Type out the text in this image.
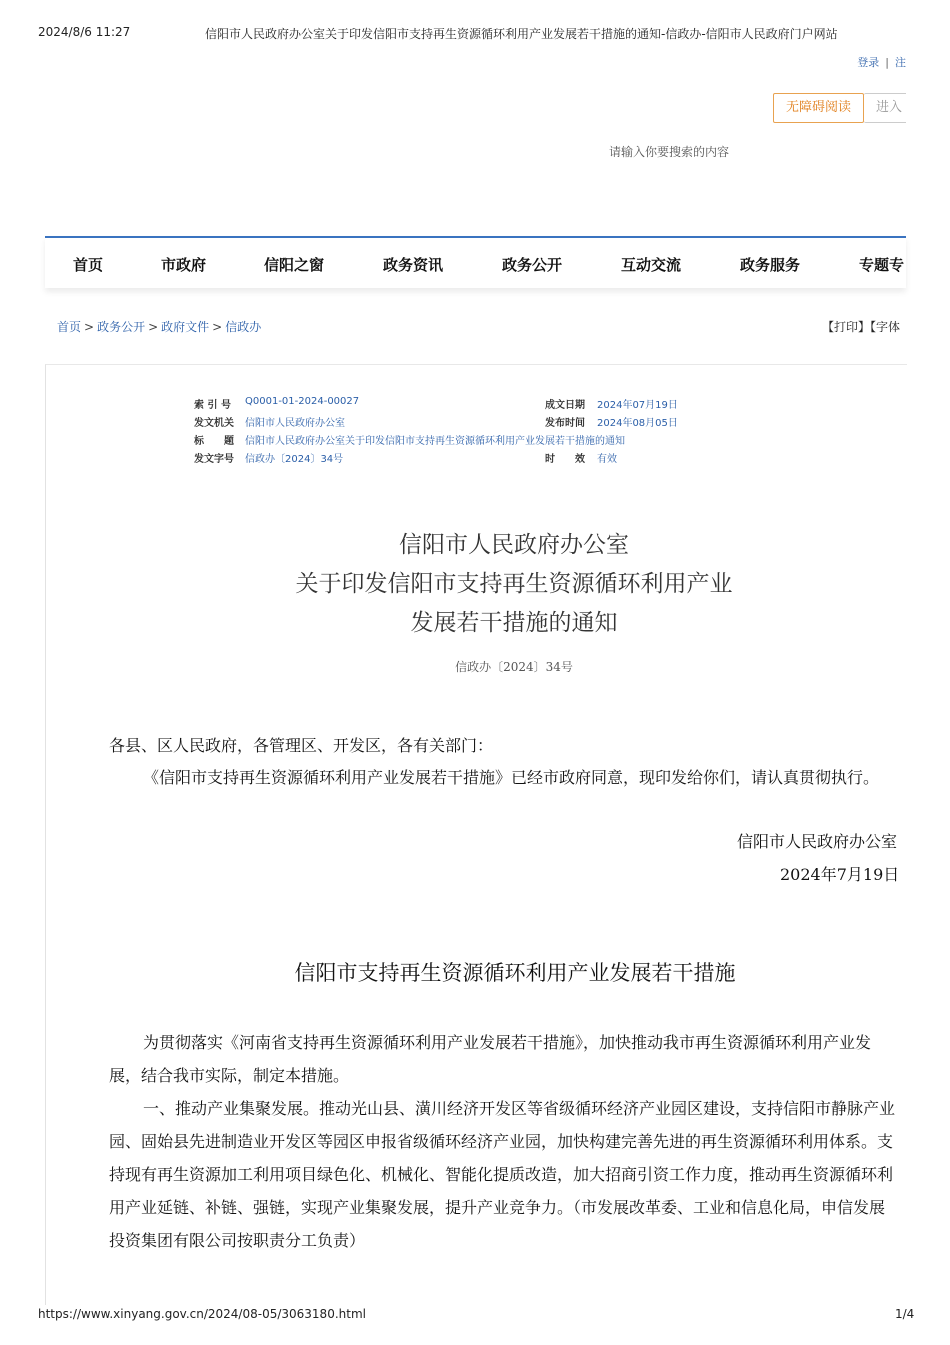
2024/8/6 11:27	信阳市人民政府办公室关于印发信阳市支持再生资源循环利用产业发展若干措施的通知-信政办-信阳市人民政府门户网站
登录 | 注
无障碍阅读	进入
请输入你要搜索的内容
首页	市政府	信阳之窗	政务资讯	政务公开	互动交流	政务服务	专题专
首页 > 政务公开 > 政府文件 > 信政办	【打印】【字体
索 引 号 Q0001-01-2024-00027
发文机关 信阳市人民政府办公室
标　　题 信阳市人民政府办公室关于印发信阳市支持再生资源循环利用产业发展若干措施的通知
发文字号 信政办〔2024〕34号
成文日期 2024年07月19日
发布时间 2024年08月05日
时　　效 有效
信阳市人民政府办公室
关于印发信阳市支持再生资源循环利用产业
发展若干措施的通知
信政办〔2024〕34号
各县、区人民政府，各管理区、开发区，各有关部门：
《信阳市支持再生资源循环利用产业发展若干措施》已经市政府同意，现印发给你们，请认真贯彻执行。
信阳市人民政府办公室
2024年7月19日
信阳市支持再生资源循环利用产业发展若干措施
为贯彻落实《河南省支持再生资源循环利用产业发展若干措施》，加快推动我市再生资源循环利用产业发
展，结合我市实际，制定本措施。
一、推动产业集聚发展。推动光山县、潢川经济开发区等省级循环经济产业园区建设，支持信阳市静脉产业
园、固始县先进制造业开发区等园区申报省级循环经济产业园，加快构建完善先进的再生资源循环利用体系。支
持现有再生资源加工利用项目绿色化、机械化、智能化提质改造，加大招商引资工作力度，推动再生资源循环利
用产业延链、补链、强链，实现产业集聚发展，提升产业竞争力。（市发展改革委、工业和信息化局，申信发展
投资集团有限公司按职责分工负责）
https://www.xinyang.gov.cn/2024/08-05/3063180.html	1/4
